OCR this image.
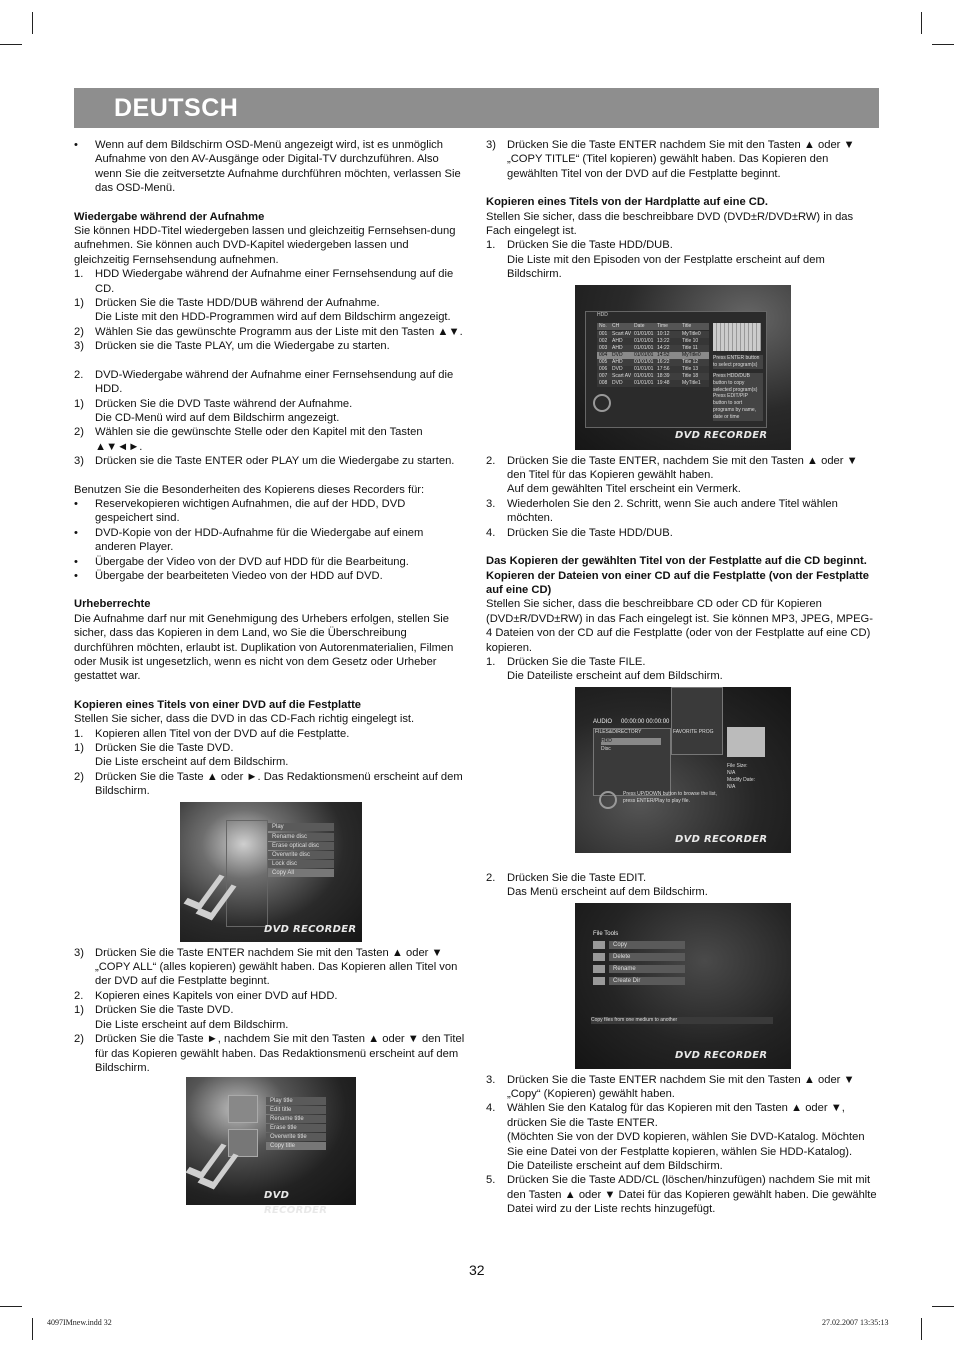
DEUTSCH

• Wenn auf dem Bildschirm OSD-Menü angezeigt wird, ist es unmöglich Aufnahme von den AV-Ausgänge oder Digital-TV durchzuführen. Also wenn Sie die zeitversetzte Aufnahme durchführen möchten, verlassen Sie das OSD-Menü.

Wiedergabe während der Aufnahme

Sie können HDD-Titel wiedergeben lassen und gleichzeitig Fernsehsen-dung aufnehmen. Sie können auch DVD-Kapitel wiedergeben lassen und gleichzeitig Fernsehsendung aufnehmen.

1. HDD Wiedergabe während der Aufnahme einer Fernsehsendung auf die CD.

1) Drücken Sie die Taste HDD/DUB während der Aufnahme.

Die Liste mit den HDD-Programmen wird auf dem Bildschirm angezeigt.

2) Wählen Sie das gewünschte Programm aus der Liste mit den Tasten ▲▼.

3) Drücken sie die Taste PLAY, um die Wiedergabe zu starten.

2. DVD-Wiedergabe während der Aufnahme einer Fernsehsendung auf die HDD.

1) Drücken Sie die DVD Taste während der Aufnahme.

Die CD-Menü wird auf dem Bildschirm angezeigt.

2) Wählen sie die gewünschte Stelle oder den Kapitel mit den Tasten ▲▼◄►.

3) Drücken sie die Taste ENTER oder PLAY um die Wiedergabe zu starten.

Benutzen Sie die Besonderheiten des Kopierens dieses Recorders für:

• Reservekopieren wichtigen Aufnahmen, die auf der HDD, DVD gespeichert sind.

• DVD-Kopie von der HDD-Aufnahme für die Wiedergabe auf einem anderen Player.

• Übergabe der Video von der DVD auf HDD für die Bearbeitung.

• Übergabe der bearbeiteten Viedeo von der HDD auf DVD.

Urheberrechte

Die Aufnahme darf nur mit Genehmigung des Urhebers erfolgen, stellen Sie sicher, dass das Kopieren in dem Land, wo Sie die Überschreibung durchführen möchten, erlaubt ist. Duplikation von Autorenmaterialien, Filmen oder Musik ist ungesetzlich, wenn es nicht von dem Gesetz oder Urheber gestattet war.

Kopieren eines Titels von einer DVD auf die Festplatte

Stellen Sie sicher, dass die DVD in das CD-Fach richtig eingelegt ist.

1. Kopieren allen Titel von der DVD auf die Festplatte.

1) Drücken Sie die Taste DVD.

Die Liste erscheint auf dem Bildschirm.

2) Drücken Sie die Taste ▲ oder ►. Das Redaktionsmenü erscheint auf dem Bildschirm.

Play
Rename disc
Erase optical disc
Overwrite disc
Lock disc
Copy All
DVD RECORDER

3) Drücken Sie die Taste ENTER nachdem Sie mit den Tasten ▲ oder ▼ „COPY ALL“ (alles kopieren) gewählt haben. Das Kopieren allen Titel von der DVD auf die Festplatte beginnt.

2. Kopieren eines Kapitels von einer DVD auf HDD.

1) Drücken Sie die Taste DVD.

Die Liste erscheint auf dem Bildschirm.

2) Drücken Sie die Taste ►, nachdem Sie mit den Tasten ▲ oder ▼ den Titel für das Kopieren gewählt haben. Das Redaktionsmenü erscheint auf dem Bildschirm.

Play title
Edit title
Rename title
Erase title
Overwrite title
Copy title
DVD RECORDER

3) Drücken Sie die Taste ENTER nachdem Sie mit den Tasten ▲ oder ▼ „COPY TITLE“ (Titel kopieren) gewählt haben. Das Kopieren den gewählten Titel von der DVD auf die Festplatte beginnt.

Kopieren eines Titels von der Hardplatte auf eine CD.

Stellen Sie sicher, dass die beschreibbare DVD (DVD±R/DVD±RW) in das Fach eingelegt ist.

1. Drücken Sie die Taste HDD/DUB.

Die Liste mit den Episoden von der Festplatte erscheint auf dem Bildschirm.

HDD
No. CH	Date Time	Title
001 Scart AV 01/01/01 10:12 MyTitle0
002 AHD 01/01/01 13:22 Title 10
003 AHD 01/01/01 14:22 Title 11
004 DVD 01/01/01 14:52 MyTitle0
005 AHD 01/01/01 16:22 Title 12
006 DVD 01/01/01 17:56 Title 13
007 Scart AV 01/01/01 18:39 Title 18
008 DVD 01/01/01 19:48 MyTitle1
Press ENTER button to select program(s)
Press HDD/DUB button to copy selected program(s)
Press EDIT/PIP button to sort programs by name, date or time
DVD RECORDER

2. Drücken Sie die Taste ENTER, nachdem Sie mit den Tasten ▲ oder ▼ den Titel für das Kopieren gewählt haben.

Auf dem gewählten Titel erscheint ein Vermerk.

3. Wiederholen Sie den 2. Schritt, wenn Sie auch andere Titel wählen möchten.

4. Drücken Sie die Taste HDD/DUB.

Das Kopieren der gewählten Titel von der Festplatte auf die CD beginnt.

Kopieren der Dateien von einer CD auf die Festplatte (von der Festplatte auf eine CD)

Stellen Sie sicher, dass die beschreibbare CD oder CD für Kopieren (DVD±R/DVD±RW) in das Fach eingelegt ist. Sie können MP3, JPEG, MPEG-4 Dateien von der CD auf die Festplatte (oder von der Festplatte auf eine CD) kopieren.

1. Drücken Sie die Taste FILE.

Die Dateiliste erscheint auf dem Bildschirm.

AUDIO 00:00:00 00:00:00
FILES&DIRECTORY
HDD
Disc
FAVORITE PROG
File Size:
N/A
Modify Date:
N/A
Press UP/DOWN button to browse the list, press ENTER/Play to play file.
DVD RECORDER

2. Drücken Sie die Taste EDIT.

Das Menü erscheint auf dem Bildschirm.

File Tools
Copy
Delete
Rename
Create Dir
Copy files from one medium to another
DVD RECORDER

3. Drücken Sie die Taste ENTER nachdem Sie mit den Tasten ▲ oder ▼ „Copy“ (Kopieren) gewählt haben.

4. Wählen Sie den Katalog für das Kopieren mit den Tasten ▲ oder ▼, drücken Sie die Taste ENTER.

(Möchten Sie von der DVD kopieren, wählen Sie DVD-Katalog. Möchten Sie eine Datei von der Festplatte kopieren, wählen Sie HDD-Katalog).

Die Dateiliste erscheint auf dem Bildschirm.

5. Drücken Sie die Taste ADD/CL (löschen/hinzufügen) nachdem Sie mit mit den Tasten ▲ oder ▼ Datei für das Kopieren gewählt haben. Die gewählte Datei wird zu der Liste rechts hinzugefügt.

32
4097IMnew.indd 32	27.02.2007 13:35:13
